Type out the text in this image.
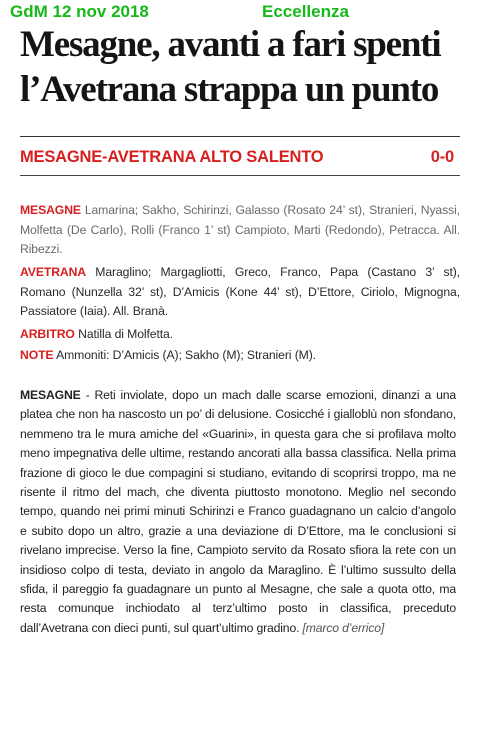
GdM 12 nov 2018	Eccellenza
Mesagne, avanti a fari spenti
l’Avetrana strappa un punto
MESAGNE-AVETRANA ALTO SALENTO	0-0
MESAGNE Lamarina; Sakho, Schirinzi, Galasso (Rosato 24’ st), Stranieri, Nyassi, Molfetta (De Carlo), Rolli (Franco 1’ st) Campioto, Marti (Redondo), Petracca. All. Ribezzi.
AVETRANA Maraglino; Margagliotti, Greco, Franco, Papa (Castano 3’ st), Romano (Nunzella 32’ st), D’Amicis (Kone 44’ st), D’Ettore, Ciriolo, Mignogna, Passiatore (Iaia). All. Branà.
ARBITRO Natilla di Molfetta.
NOTE Ammoniti: D’Amicis (A); Sakho (M); Stranieri (M).
MESAGNE - Reti inviolate, dopo un mach dalle scarse emozioni, dinanzi a una platea che non ha nascosto un po’ di delusione. Cosicché i gialloblù non sfondano, nemmeno tra le mura amiche del «Guarini», in questa gara che si profilava molto meno impegnativa delle ultime, restando ancorati alla bassa classifica. Nella prima frazione di gioco le due compagini si studiano, evitando di scoprirsi troppo, ma ne risente il ritmo del mach, che diventa piuttosto monotono. Meglio nel secondo tempo, quando nei primi minuti Schirinzi e Franco guadagnano un calcio d’angolo e subito dopo un altro, grazie a una deviazione di D’Ettore, ma le conclusioni si rivelano imprecise. Verso la fine, Campioto servito da Rosato sfiora la rete con un insidioso colpo di testa, deviato in angolo da Maraglino. È l’ultimo sussulto della sfida, il pareggio fa guadagnare un punto al Mesagne, che sale a quota otto, ma resta comunque inchiodato al terz’ultimo posto in classifica, preceduto dall’Avetrana con dieci punti, sul quart’ultimo gradino. [marco d’errico]
